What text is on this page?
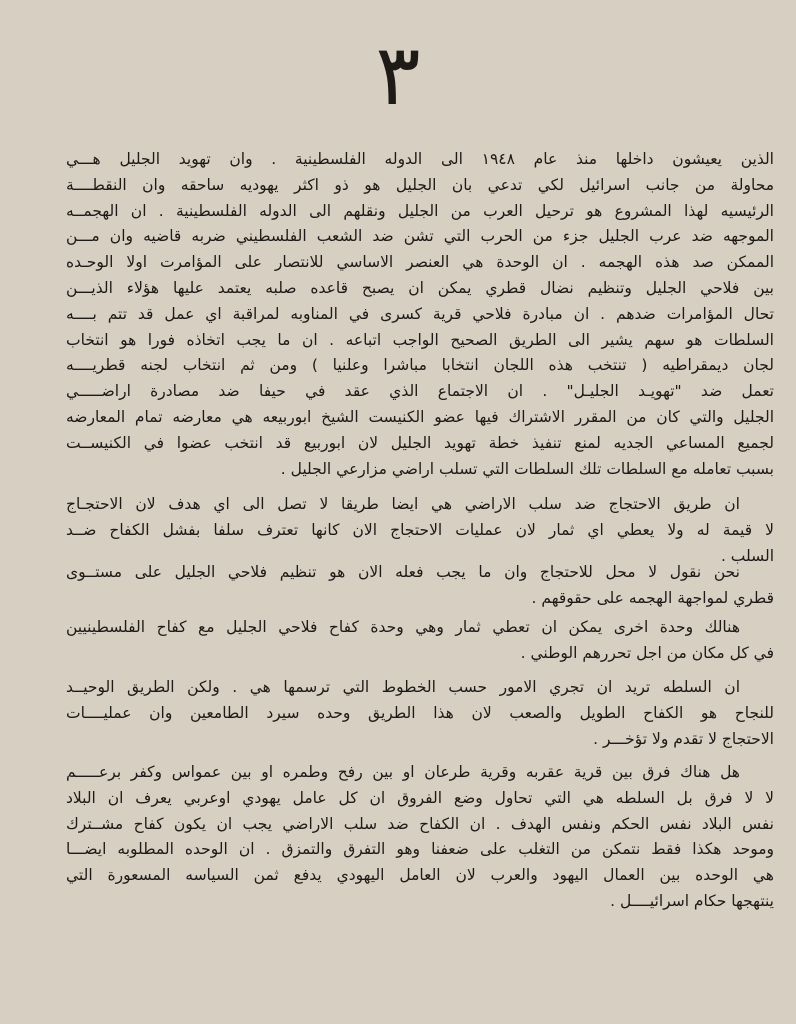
٣
الذين يعيشون داخلها منذ عام ١٩٤٨ الى الدوله الفلسطينية . وان تهويد الجليل هـــي
محاولة من جانب اسرائيل لكي تدعي بان الجليل هو ذو اكثر يهوديه ساحقه وان النقطــــة
الرئيسيه لهذا المشروع هو ترحيل العرب من الجليل ونقلهم الى الدوله الفلسطينية . ان الهجمــه
الموجهه ضد عرب الجليل جزء من الحرب التي تشن ضد الشعب الفلسطيني ضربه قاضيه وان مـــن
الممكن صد هذه الهجمه . ان الوحدة هي العنصر الاساسي للانتصار على المؤامرت اولا الوحـده
بين فلاحي الجليل وتنظيم نضال قطري يمكن ان يصبح قاعده صلبه يعتمد عليها هؤلاء الذيـــن
تحال المؤامرات ضدهم . ان مبادرة فلاحي قرية كسرى في المناوبه لمراقبة اي عمل قد تتم بــــه
السلطات هو سهم يشير الى الطريق الصحيح الواجب اتباعه . ان ما يجب اتخاذه فورا هو انتخاب
لجان ديمقراطيه ( تنتخب هذه اللجان انتخابا مباشرا وعلنيا ) ومن ثم انتخاب لجنه قطريــــه
تعمل ضد "تهويـد الجليـل" . ان الاجتماع الذي عقد في حيفا ضد مصادرة اراضـــــي
الجليل والتي كان من المقرر الاشتراك فيها عضو الكنيست الشيخ ابوربيعه هي معارضه تمام المعارضه
لجميع المساعي الجديه لمنع تنفيذ خطة تهويد الجليل لان ابوربيع قد انتخب عضوا في الكنيســت
بسبب تعامله مع السلطات تلك السلطات التي تسلب اراضي مزارعي الجليل .
ان طريق الاحتجاج ضد سلب الاراضي هي ايضا طريقا لا تصل الى اي هدف لان الاحتجـاج
لا قيمة له ولا يعطي اي ثمار لان عمليات الاحتجاج الان كانها تعترف سلفا بفشل الكفاح ضــد
السلب .
نحن نقول لا محل للاحتجاج وان ما يجب فعله الان هو تنظيم فلاحي الجليل على مستــوى
قطري لمواجهة الهجمه على حقوقهم .
هنالك وحدة اخرى يمكن ان تعطي ثمار وهي وحدة كفاح فلاحي الجليل مع كفاح الفلسطينيين
في كل مكان من اجل تحررهم الوطني .
ان السلطه تريد ان تجري الامور حسب الخطوط التي ترسمها هي . ولكن الطريق الوحيــد
للنجاح هو الكفاح الطويل والصعب لان هذا الطريق وحده سيرد الطامعين وان عمليــــات
الاحتجاج لا تقدم ولا تؤخـــر .
هل هناك فرق بين قرية عقربه وقرية طرعان او بين رفح وطمره او بين عمواس وكفر برعـــــم
لا لا فرق بل السلطه هي التي تحاول وضع الفروق ان كل عامل يهودي اوعربي يعرف ان البلاد
نفس البلاد نفس الحكم ونفس الهدف . ان الكفاح ضد سلب الاراضي يجب ان يكون كفاح مشــترك
وموحد هكذا فقط نتمكن من التغلب على ضعفنا وهو التفرق والتمزق . ان الوحده المطلوبه ايضـــا
هي الوحده بين العمال اليهود والعرب لان العامل اليهودي يدفع ثمن السياسه المسعورة التي
ينتهجها حكام اسرائيــــل .
